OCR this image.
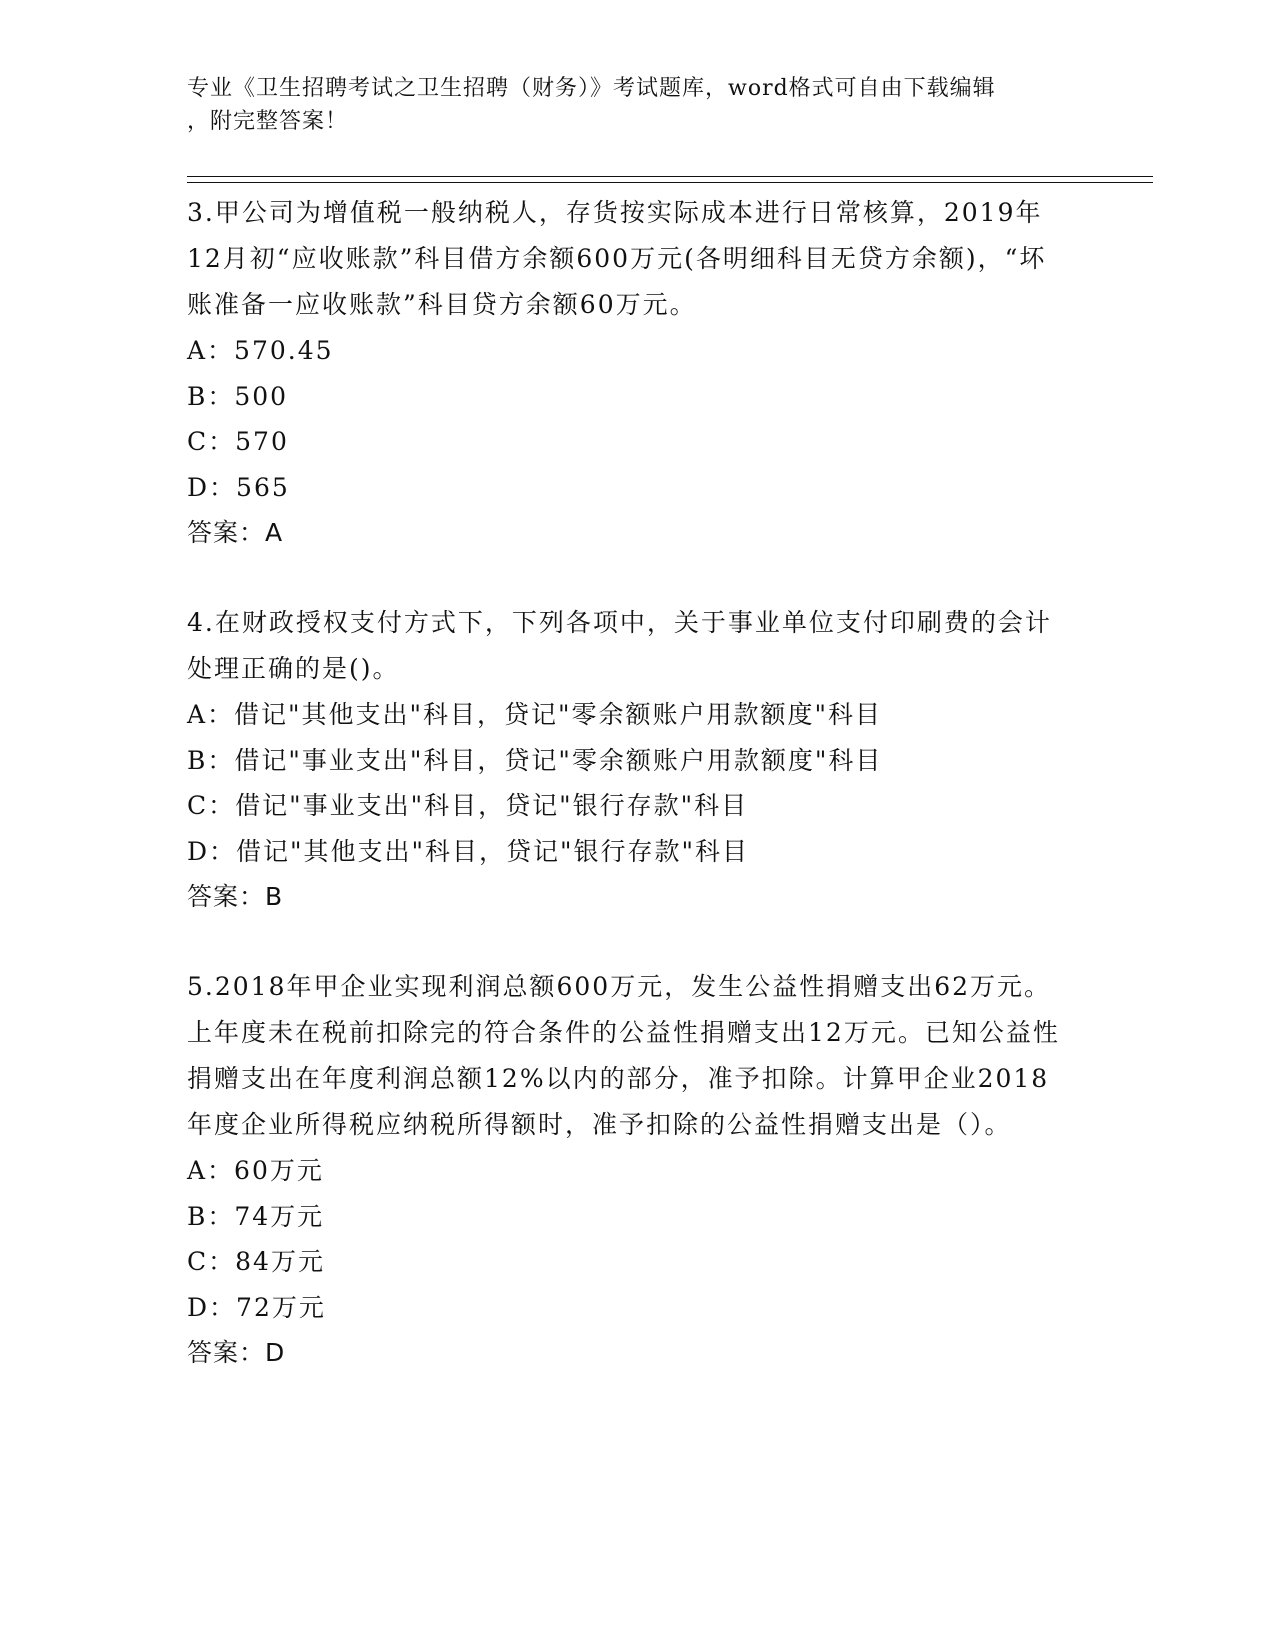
专业《卫生招聘考试之卫生招聘（财务）》考试题库，word格式可自由下载编辑
，附完整答案！

3.甲公司为增值税一般纳税人，存货按实际成本进行日常核算，2019年12月初“应收账款”科目借方余额600万元(各明细科目无贷方余额)，“坏账准备一应收账款”科目贷方余额60万元。

A：570.45

B：500

C：570

D：565

答案：A

4.在财政授权支付方式下，下列各项中，关于事业单位支付印刷费的会计处理正确的是()。

A：借记"其他支出"科目，贷记"零余额账户用款额度"科目

B：借记"事业支出"科目，贷记"零余额账户用款额度"科目

C：借记"事业支出"科目，贷记"银行存款"科目

D：借记"其他支出"科目，贷记"银行存款"科目

答案：B

5.2018年甲企业实现利润总额600万元，发生公益性捐赠支出62万元。上年度未在税前扣除完的符合条件的公益性捐赠支出12万元。已知公益性捐赠支出在年度利润总额12%以内的部分，准予扣除。计算甲企业2018年度企业所得税应纳税所得额时，准予扣除的公益性捐赠支出是（）。

A：60万元

B：74万元

C：84万元

D：72万元

答案：D
